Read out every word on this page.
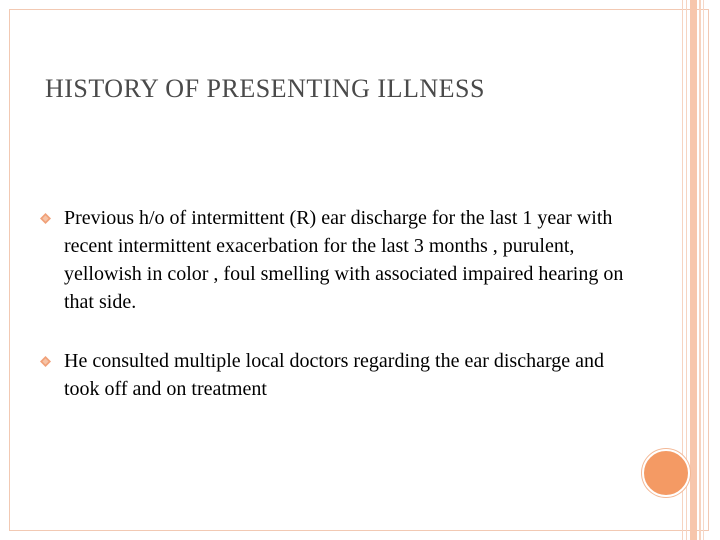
HISTORY OF PRESENTING ILLNESS
Previous h/o of intermittent (R) ear discharge for the last 1 year with recent intermittent exacerbation for the last 3 months , purulent, yellowish in color , foul smelling with associated impaired hearing on that side.
He consulted multiple local doctors regarding the ear discharge and took off and on treatment
